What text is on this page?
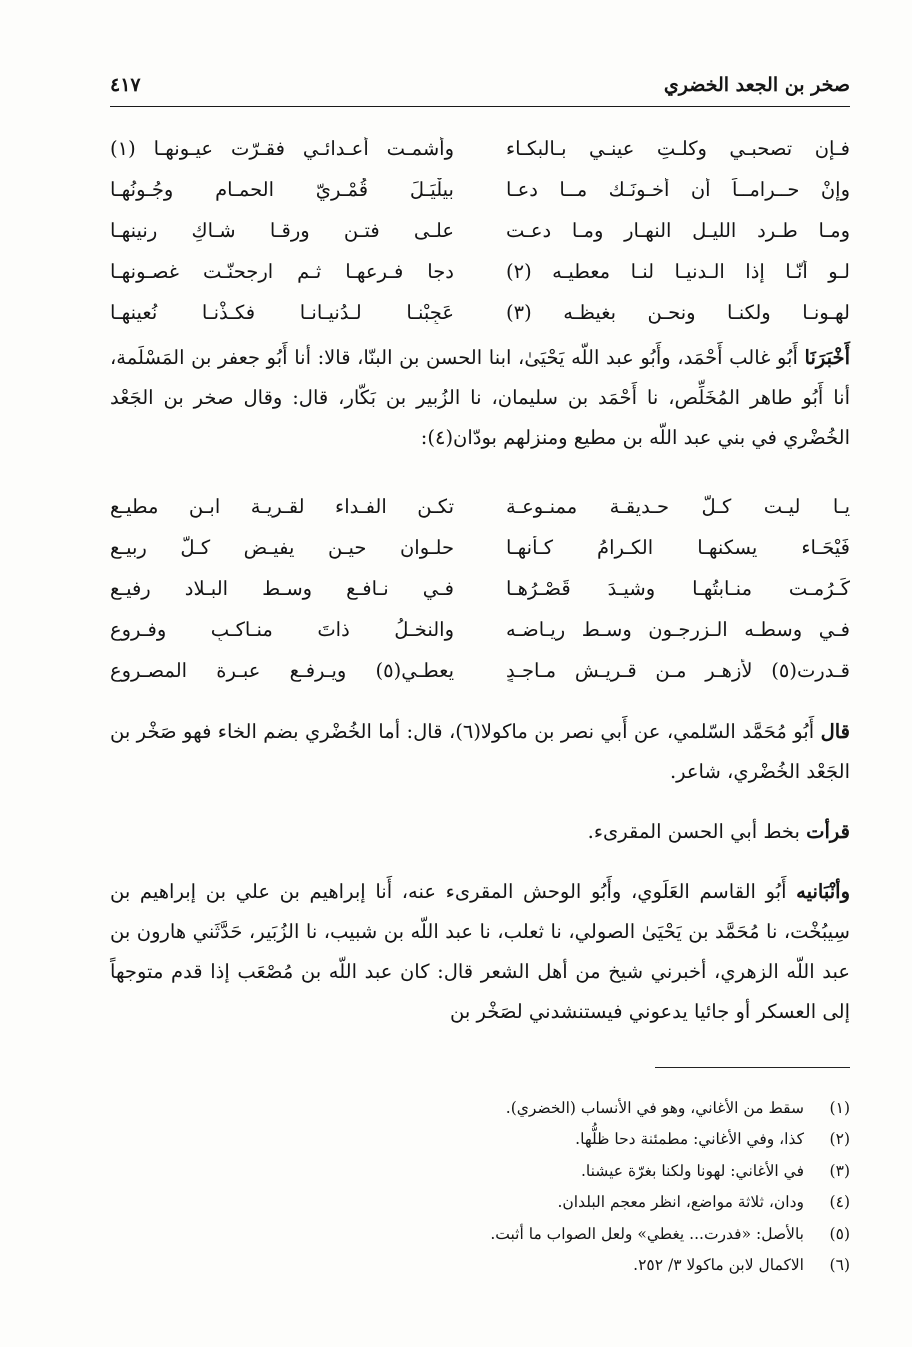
صخر بن الجعد الخضري
٤١٧
فـإن تصحبـي وكلـتِ عينـي بـالبكـاء
وأشمـت أعـدائـي فقـرّت عيـونهـا (١)
وإنْ حــرامــاً أن أخـونَـك مــا دعـا
بيلْيَـلَ قُمْـريّ الحمـام وجُـونُهـا
ومـا طـرد الليـل النهـار ومـا دعـت
علـى فتـن ورقـا شـاكِ رنينهـا
لـو أنّـا إذا الـدنيـا لنـا معطيـه (٢)
دجا فـرعهـا ثـم ارجحنّـت غصـونهـا
لهـونـا ولكنـا ونحـن بغيظـه (٣)
عَجِبْنـا لـدُنيـانـا فكـذْنـا نُعينهـا

أَخْبَرَنَا أَبُو غالب أَحْمَد، وأَبُو عبد اللّه يَحْيَىٰ، ابنا الحسن بن البنّا، قالا: أنا أَبُو جعفر بن المَسْلَمة، أنا أَبُو طاهر المُخَلِّص، نا أَحْمَد بن سليمان، نا الزُبير بن بَكّار، قال: وقال صخر بن الجَعْد الخُضْري في بني عبد اللّه بن مطيع ومنزلهم بودّان(٤):

يـا ليـت كـلّ حـديقـة ممنـوعـة
تكـن الفـداء لقـريـة ابـن مطيـع
فَيْحَـاء يسكنهـا الكـرامُ كـأنهـا
حلـوان حيـن يفيـض كـلّ ربيـع
كَـرُمـت منـابتُهـا وشيـدَ قَصْـرُهـا
فـي نـافـع وسـط البـلاد رفيـع
فـي وسطـه الـزرجـون وسـط ريـاضـه
والنخـلُ ذاتَ منـاكـبٍ وفـروع
قـدرت(٥) لأزهـر مـن قـريـش مـاجـدٍ
يعطـي(٥) ويـرفـع عبـرة المصـروع

قال أَبُو مُحَمَّد السّلمي، عن أَبي نصر بن ماكولا(٦)، قال: أما الخُضْري بضم الخاء فهو صَخْر بن الجَعْد الخُضْري، شاعر.

قرأت بخط أبي الحسن المقرىء.

وأنْبَانيه أَبُو القاسم العَلَوي، وأَبُو الوحش المقرىء عنه، أَنا إبراهيم بن علي بن إبراهيم بن سِيبُخْت، نا مُحَمَّد بن يَحْيَىٰ الصولي، نا ثعلب، نا عبد اللّه بن شبيب، نا الزُبَير، حَدَّثَني هارون بن عبد اللّه الزهري، أخبرني شيخ من أهل الشعر قال: كان عبد اللّه بن مُصْعَب إذا قدم متوجهاً إلى العسكر أو جائيا يدعوني فيستنشدني لصَخْر بن

(١)
سقط من الأغاني، وهو في الأنساب (الخضري).
(٢)
كذا، وفي الأغاني: مطمئنة دحا ظلُّها.
(٣)
في الأغاني: لهونا ولكنا بغرّة عيشنا.
(٤)
ودان، ثلاثة مواضع، انظر معجم البلدان.
(٥)
بالأصل: «فدرت... يغطي» ولعل الصواب ما أثبت.
(٦)
الاكمال لابن ماكولا ٣/ ٢٥٢.
